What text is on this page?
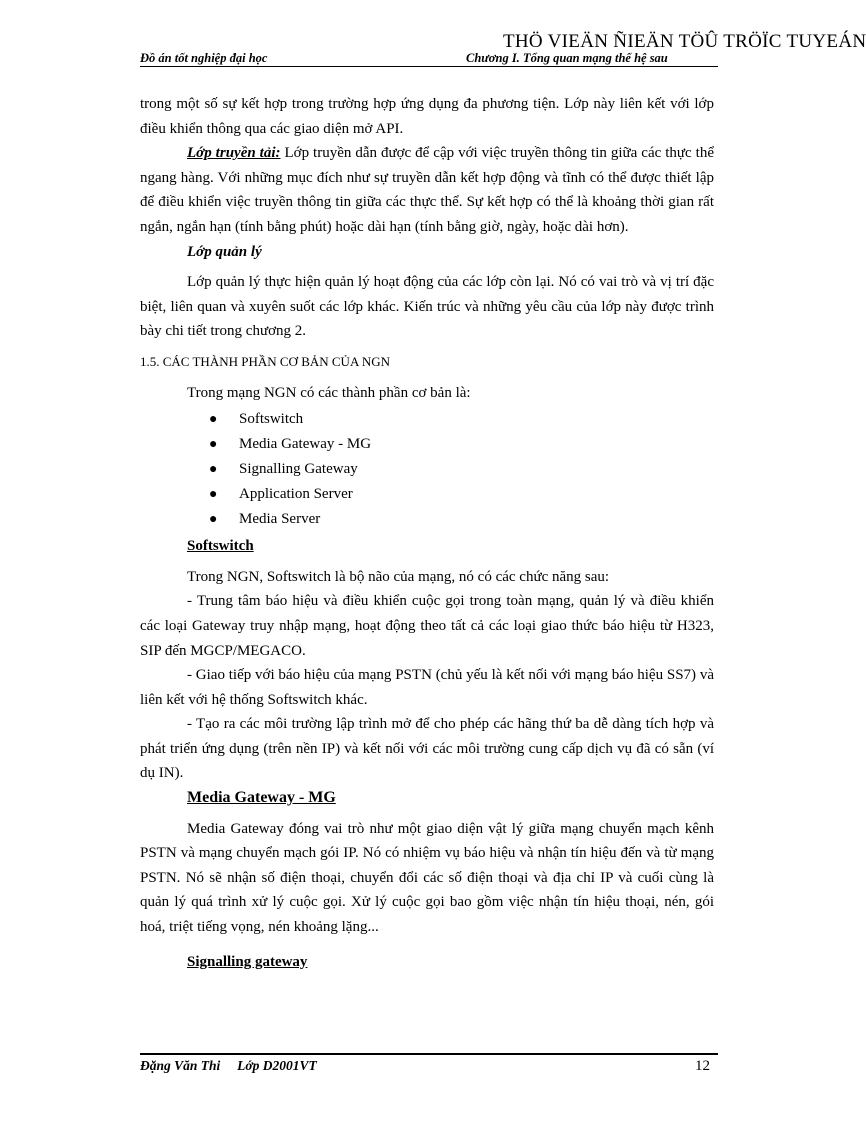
THÖ VIEÄN ÑIEÄN TÖÛ TRÖÏC TUYEÁN
Đồ án tốt nghiệp đại học	Chương I. Tổng quan mạng thế hệ sau

trong một số sự kết hợp trong trường hợp ứng dụng đa phương tiện. Lớp này liên kết với lớp điều khiển thông qua các giao diện mở API.

Lớp truyền tải: Lớp truyền dẫn được để cập với việc truyền thông tin giữa các thực thể ngang hàng. Với những mục đích như sự truyền dẫn kết hợp động và tĩnh có thể được thiết lập để điều khiển việc truyền thông tin giữa các thực thể. Sự kết hợp có thể là khoảng thời gian rất ngắn, ngắn hạn (tính bằng phút) hoặc dài hạn (tính bằng giờ, ngày, hoặc dài hơn).

Lớp quản lý

Lớp quản lý thực hiện quản lý hoạt động của các lớp còn lại. Nó có vai trò và vị trí đặc biệt, liên quan và xuyên suốt các lớp khác. Kiến trúc và những yêu cầu của lớp này được trình bày chi tiết trong chương 2.

1.5. CÁC THÀNH PHẦN CƠ BẢN CỦA NGN

Trong mạng NGN có các thành phần cơ bản là:

● Softswitch
● Media Gateway - MG
● Signalling Gateway
● Application Server
● Media Server

Softswitch

Trong NGN, Softswitch là bộ não của mạng, nó có các chức năng sau:

- Trung tâm báo hiệu và điều khiển cuộc gọi trong toàn mạng, quản lý và điều khiển các loại Gateway truy nhập mạng, hoạt động theo tất cả các loại giao thức báo hiệu từ H323, SIP đến MGCP/MEGACO.

- Giao tiếp với báo hiệu của mạng PSTN (chủ yếu là kết nối với mạng báo hiệu SS7) và liên kết với hệ thống Softswitch khác.

- Tạo ra các môi trường lập trình mở để cho phép các hãng thứ ba dễ dàng tích hợp và phát triển ứng dụng (trên nền IP) và kết nối với các môi trường cung cấp dịch vụ đã có sẵn (ví dụ IN).

Media Gateway - MG

Media Gateway đóng vai trò như một giao diện vật lý giữa mạng chuyển mạch kênh PSTN và mạng chuyển mạch gói IP. Nó có nhiệm vụ báo hiệu và nhận tín hiệu đến và từ mạng PSTN. Nó sẽ nhận số điện thoại, chuyển đổi các số điện thoại và địa chỉ IP và cuối cùng là quản lý quá trình xử lý cuộc gọi. Xử lý cuộc gọi bao gồm việc nhận tín hiệu thoại, nén, gói hoá, triệt tiếng vọng, nén khoảng lặng...

Signalling gateway

Đặng Văn Thi     Lớp D2001VT	12
